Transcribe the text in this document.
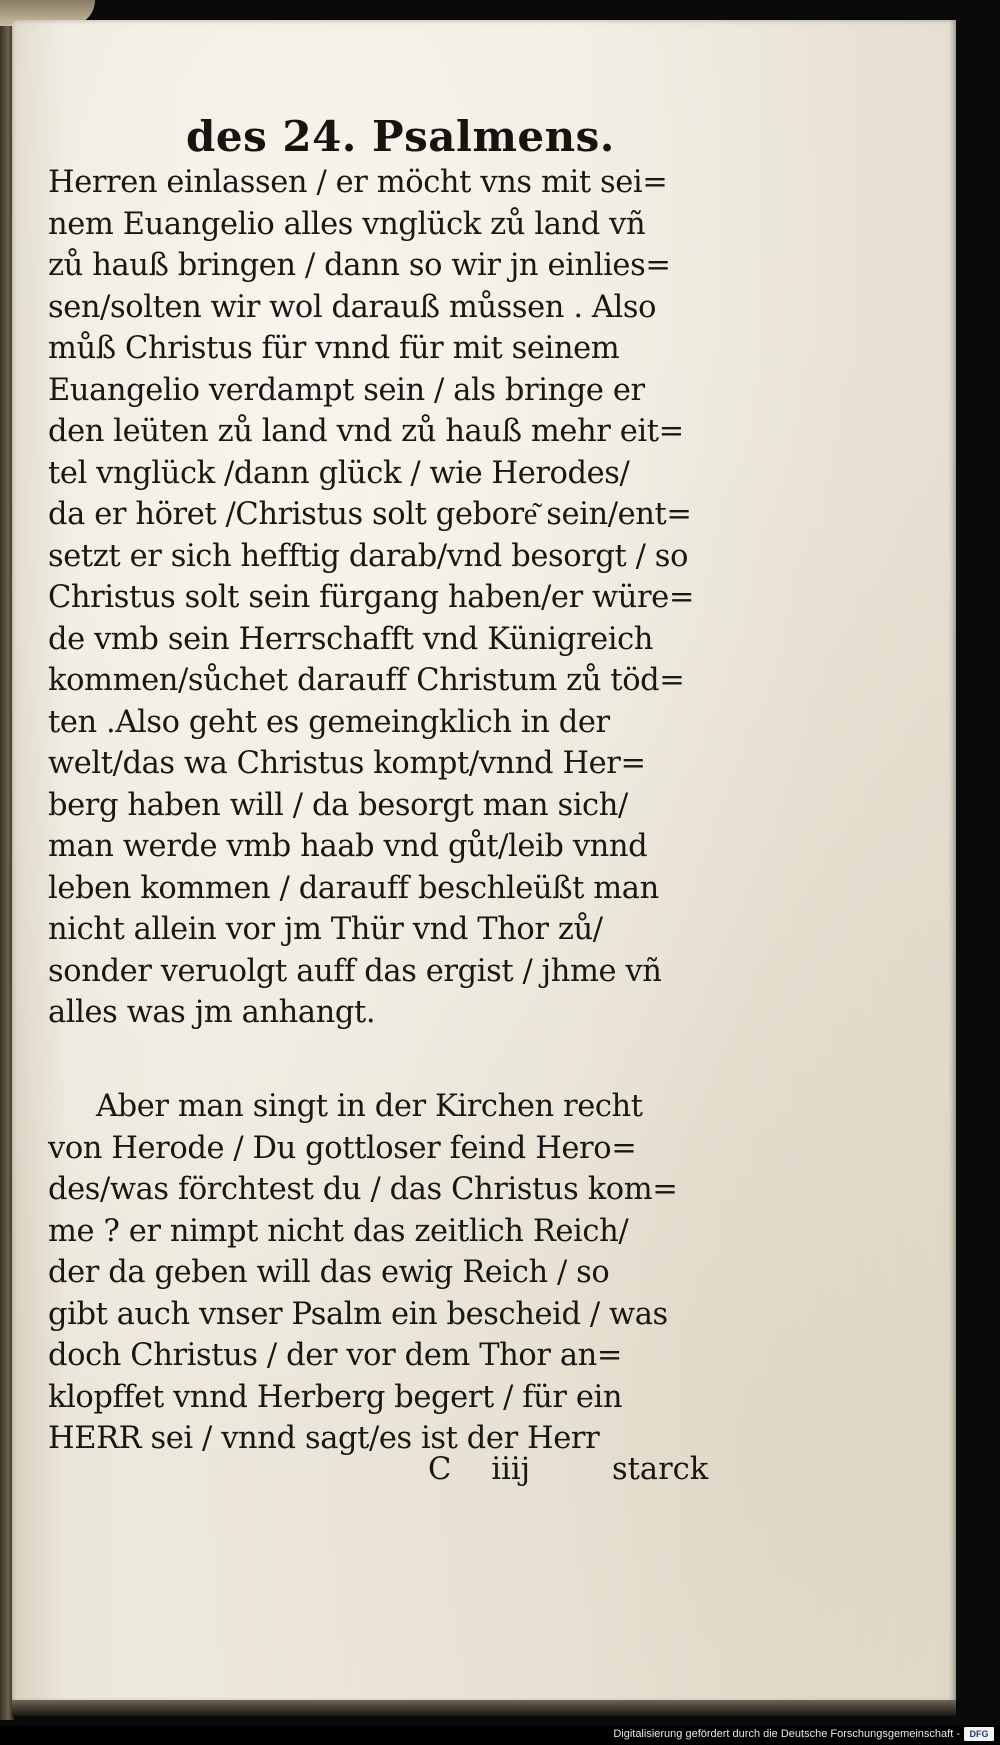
des 24. Psalmens.
Herren einlassen / er möcht vns mit sei=
nem Euangelio alles vnglück zů land vñ
zů hauß bringen / dann so wir jn einlies=
sen/solten wir wol darauß můssen . Also
můß Christus für vnnd für mit seinem
Euangelio verdampt sein / als bringe er
den leüten zů land vnd zů hauß mehr eit=
tel vnglück /dann glück / wie Herodes/
da er höret /Christus solt gebore͂ sein/ent=
setzt er sich hefftig darab/vnd besorgt / so
Christus solt sein fürgang haben/er würe=
de vmb sein Herrschafft vnd Künigreich
kommen/sůchet darauff Christum zů töd=
ten .Also geht es gemeingklich in der
welt/das wa Christus kompt/vnnd Her=
berg haben will / da besorgt man sich/
man werde vmb haab vnd gůt/leib vnnd
leben kommen / darauff beschleüßt man
nicht allein vor jm Thür vnd Thor zů/
sonder veruolgt auff das ergist / jhme vñ
alles was jm anhangt.
Aber man singt in der Kirchen recht
von Herode / Du gottloser feind Hero=
des/was förchtest du / das Christus kom=
me ? er nimpt nicht das zeitlich Reich/
der da geben will das ewig Reich / so
gibt auch vnser Psalm ein bescheid / was
doch Christus / der vor dem Thor an=
klopffet vnnd Herberg begert / für ein
HERR sei / vnnd sagt/es ist der Herr
C iiij	starck
Digitalisierung gefördert durch die Deutsche Forschungsgemeinschaft -	DFG
